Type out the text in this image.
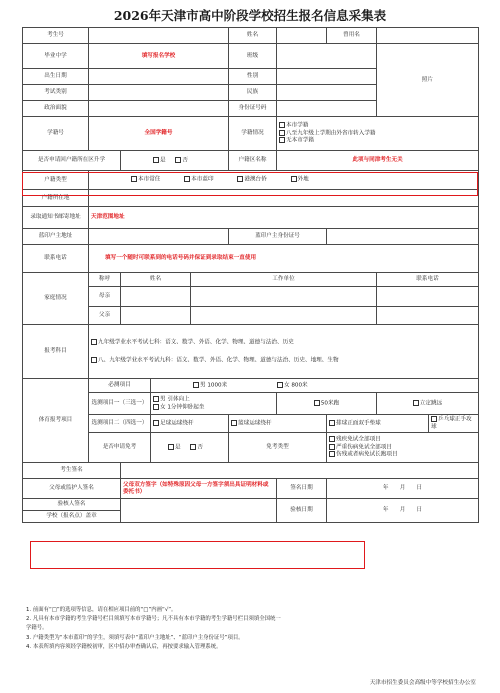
2026年天津市高中阶段学校招生报名信息采集表
考生号					姓名		曾用名		
毕业中学	填写报名学校				班级			照片	
出生日期					性别				
考试类别					民族				
政治面貌					身份证号码				
学籍号	全国学籍号				学籍情况	本市学籍
八至九年级上学期由外省市转入学籍
无本市学籍			

是否申请回户籍所在区升学		是 否			户籍区名称	此项与同津考生无关			
户籍类型	本市常住 本市蓝印 港澳台侨 外地								
户籍所在地									
录取通知书邮寄地址	天津范围地址								
蓝印户主地址					蓝印户主身份证号				
联系电话	填写一个随时可联系到的电话号码并保证到录取结束一直使用								
家庭情况	称呼	姓名		工作单位				联系电话	
	母亲								
	父亲								
报考科目	九年级学业水平考试七科：语文、数学、外语、化学、物理、道德与法治、历史
八、九年级学业水平考试九科：语文、数学、外语、化学、物理、道德与法治、历史、地理、生物								

体育报考项目	必测项目		男 1000米 女 800米						
	选测项目一（三选一）		男 引体向上
女 1分钟仰卧起坐			50米跑		立定跳远	
	选测项目二（四选一）		足球运球绕杆		篮球运球绕杆		排球正面双手垫球		乒乓球正手攻球
	是否申请免考		是 否		免考类型		残疾免试全部项目
严重伤病免试全部项目
伤残或者病免试长跑项目		

考生签名									
父母或监护人签名		父母双方签字（如特殊原因父母一方签字须出具证明材料或委托书）				签名日期	年　　月　　日		
验核人签名						验核日期	年　　月　　日		
学校（报名点）盖章									
1. 前面有“□”的选项等信息，请在相应项目前的“□”内画“√”。
2. 凡具有本市学籍的考生学籍号栏目须填写本市学籍号；凡不具有本市学籍的考生学籍号栏目须填全国统一
学籍号。
3. 户籍类型为“本市蓝印”的学生，须填写表中“蓝印户主地址”、“蓝印户主身份证号”项目。
4. 本表所填内容须经学籍校初审，区中招办审查确认后，再按要求输入管理系统。
天津市招生委员会高级中等学校招生办公室
